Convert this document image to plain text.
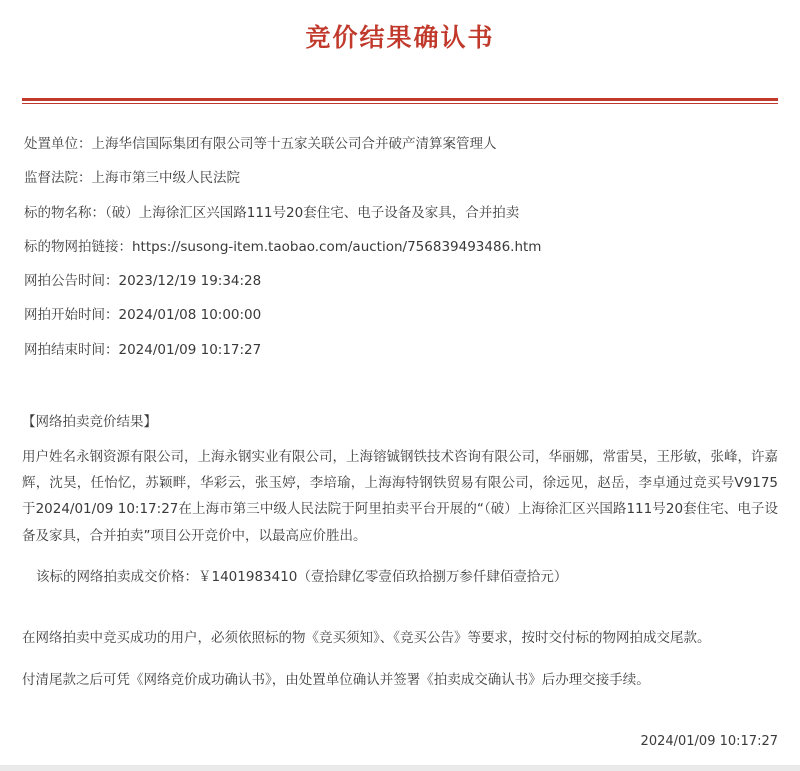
竞价结果确认书
处置单位：上海华信国际集团有限公司等十五家关联公司合并破产清算案管理人
监督法院：上海市第三中级人民法院
标的物名称：（破）上海徐汇区兴国路111号20套住宅、电子设备及家具，合并拍卖
标的物网拍链接：https://susong-item.taobao.com/auction/756839493486.htm
网拍公告时间：2023/12/19 19:34:28
网拍开始时间：2024/01/08 10:00:00
网拍结束时间：2024/01/09 10:17:27
【网络拍卖竞价结果】

用户姓名永钢资源有限公司，上海永钢实业有限公司，上海镕铖钢铁技术咨询有限公司，华丽娜，常雷昊，王彤敏，张峰，许嘉辉，沈昊，任怡忆，苏颖畔，华彩云，张玉婷，李培瑜，上海海特钢铁贸易有限公司，徐远见，赵岳，李卓通过竞买号V9175于2024/01/09 10:17:27在上海市第三中级人民法院于阿里拍卖平台开展的“（破）上海徐汇区兴国路111号20套住宅、电子设备及家具，合并拍卖”项目公开竞价中，以最高应价胜出。

该标的网络拍卖成交价格：￥1401983410（壹拾肆亿零壹佰玖拾捌万参仟肆佰壹拾元）

在网络拍卖中竞买成功的用户，必须依照标的物《竞买须知》、《竞买公告》等要求，按时交付标的物网拍成交尾款。

付清尾款之后可凭《网络竞价成功确认书》，由处置单位确认并签署《拍卖成交确认书》后办理交接手续。

2024/01/09 10:17:27
